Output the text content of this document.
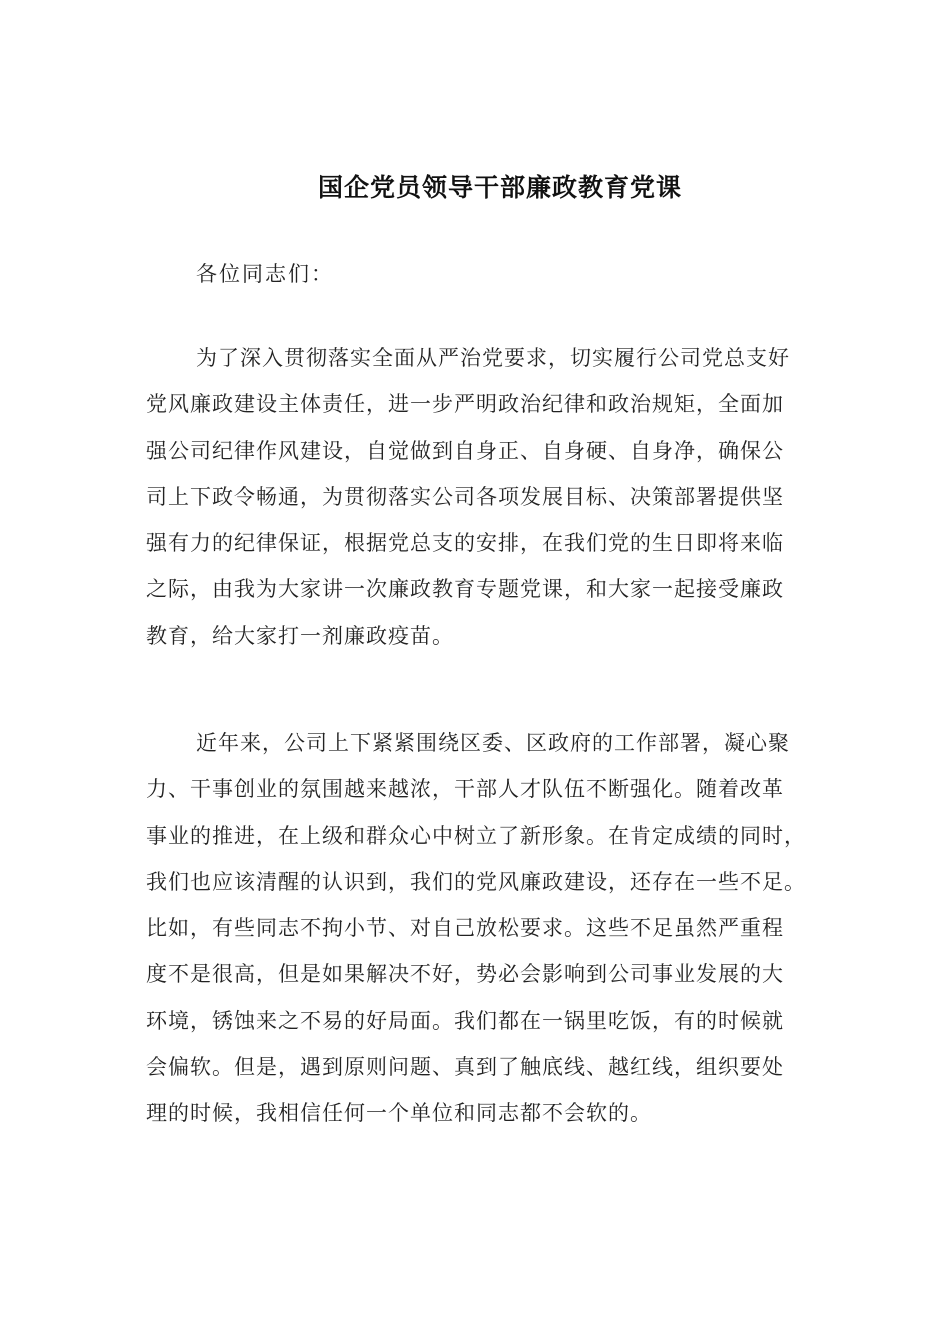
国企党员领导干部廉政教育党课
各位同志们：
为了深入贯彻落实全面从严治党要求，切实履行公司党总支好
党风廉政建设主体责任，进一步严明政治纪律和政治规矩，全面加
强公司纪律作风建设，自觉做到自身正、自身硬、自身净，确保公
司上下政令畅通，为贯彻落实公司各项发展目标、决策部署提供坚
强有力的纪律保证，根据党总支的安排，在我们党的生日即将来临
之际，由我为大家讲一次廉政教育专题党课，和大家一起接受廉政
教育，给大家打一剂廉政疫苗。
近年来，公司上下紧紧围绕区委、区政府的工作部署，凝心聚
力、干事创业的氛围越来越浓，干部人才队伍不断强化。随着改革
事业的推进，在上级和群众心中树立了新形象。在肯定成绩的同时，
我们也应该清醒的认识到，我们的党风廉政建设，还存在一些不足。
比如，有些同志不拘小节、对自己放松要求。这些不足虽然严重程
度不是很高，但是如果解决不好，势必会影响到公司事业发展的大
环境，锈蚀来之不易的好局面。我们都在一锅里吃饭，有的时候就
会偏软。但是，遇到原则问题、真到了触底线、越红线，组织要处
理的时候，我相信任何一个单位和同志都不会软的。
